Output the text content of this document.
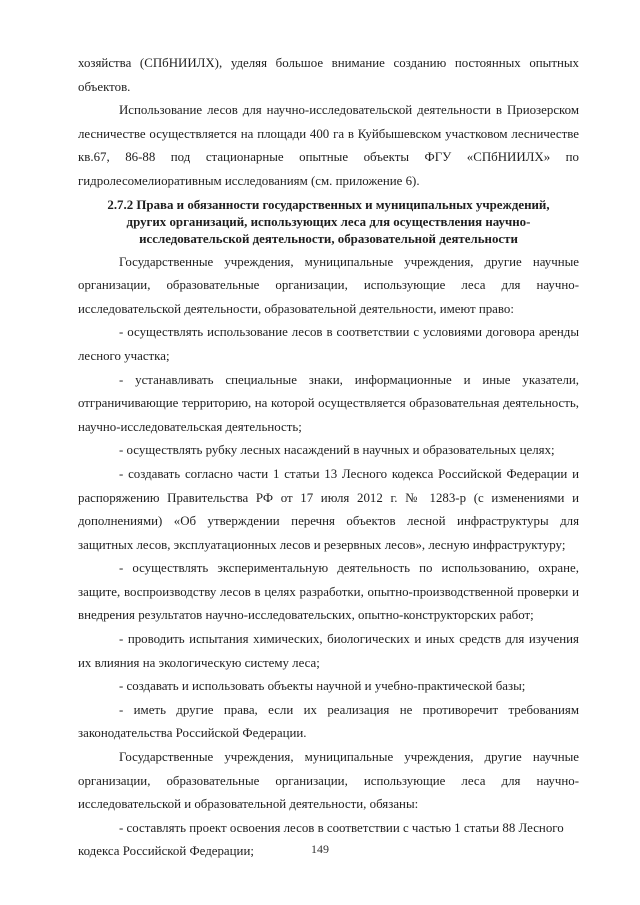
хозяйства (СПбНИИЛХ), уделяя большое внимание созданию постоянных опытных объектов.

Использование лесов для научно-исследовательской деятельности в Приозерском лесничестве осуществляется на площади 400 га в Куйбышевском участковом лесничестве кв.67, 86-88 под стационарные опытные объекты ФГУ «СПбНИИЛХ» по гидролесомелиоративным исследованиям (см. приложение 6).

2.7.2 Права и обязанности государственных и муниципальных учреждений, других организаций, использующих леса для осуществления научно-исследовательской деятельности, образовательной деятельности

Государственные учреждения, муниципальные учреждения, другие научные организации, образовательные организации, использующие леса для научно-исследовательской деятельности, образовательной деятельности, имеют право:

- осуществлять использование лесов в соответствии с условиями договора аренды лесного участка;

- устанавливать специальные знаки, информационные и иные указатели, отграничивающие территорию, на которой осуществляется образовательная деятельность, научно-исследовательская деятельность;

- осуществлять рубку лесных насаждений в научных и образовательных целях;

- создавать согласно части 1 статьи 13 Лесного кодекса Российской Федерации и распоряжению Правительства РФ от 17 июля 2012 г. № 1283-р (с изменениями и дополнениями) «Об утверждении перечня объектов лесной инфраструктуры для защитных лесов, эксплуатационных лесов и резервных лесов», лесную инфраструктуру;

- осуществлять экспериментальную деятельность по использованию, охране, защите, воспроизводству лесов в целях разработки, опытно-производственной проверки и внедрения результатов научно-исследовательских, опытно-конструкторских работ;

- проводить испытания химических, биологических и иных средств для изучения их влияния на экологическую систему леса;

- создавать и использовать объекты научной и учебно-практической базы;

- иметь другие права, если их реализация не противоречит требованиям законодательства Российской Федерации.

Государственные учреждения, муниципальные учреждения, другие научные организации, образовательные организации, использующие леса для научно-исследовательской и образовательной деятельности, обязаны:

- составлять проект освоения лесов в соответствии с частью 1 статьи 88 Лесного кодекса Российской Федерации;	149
